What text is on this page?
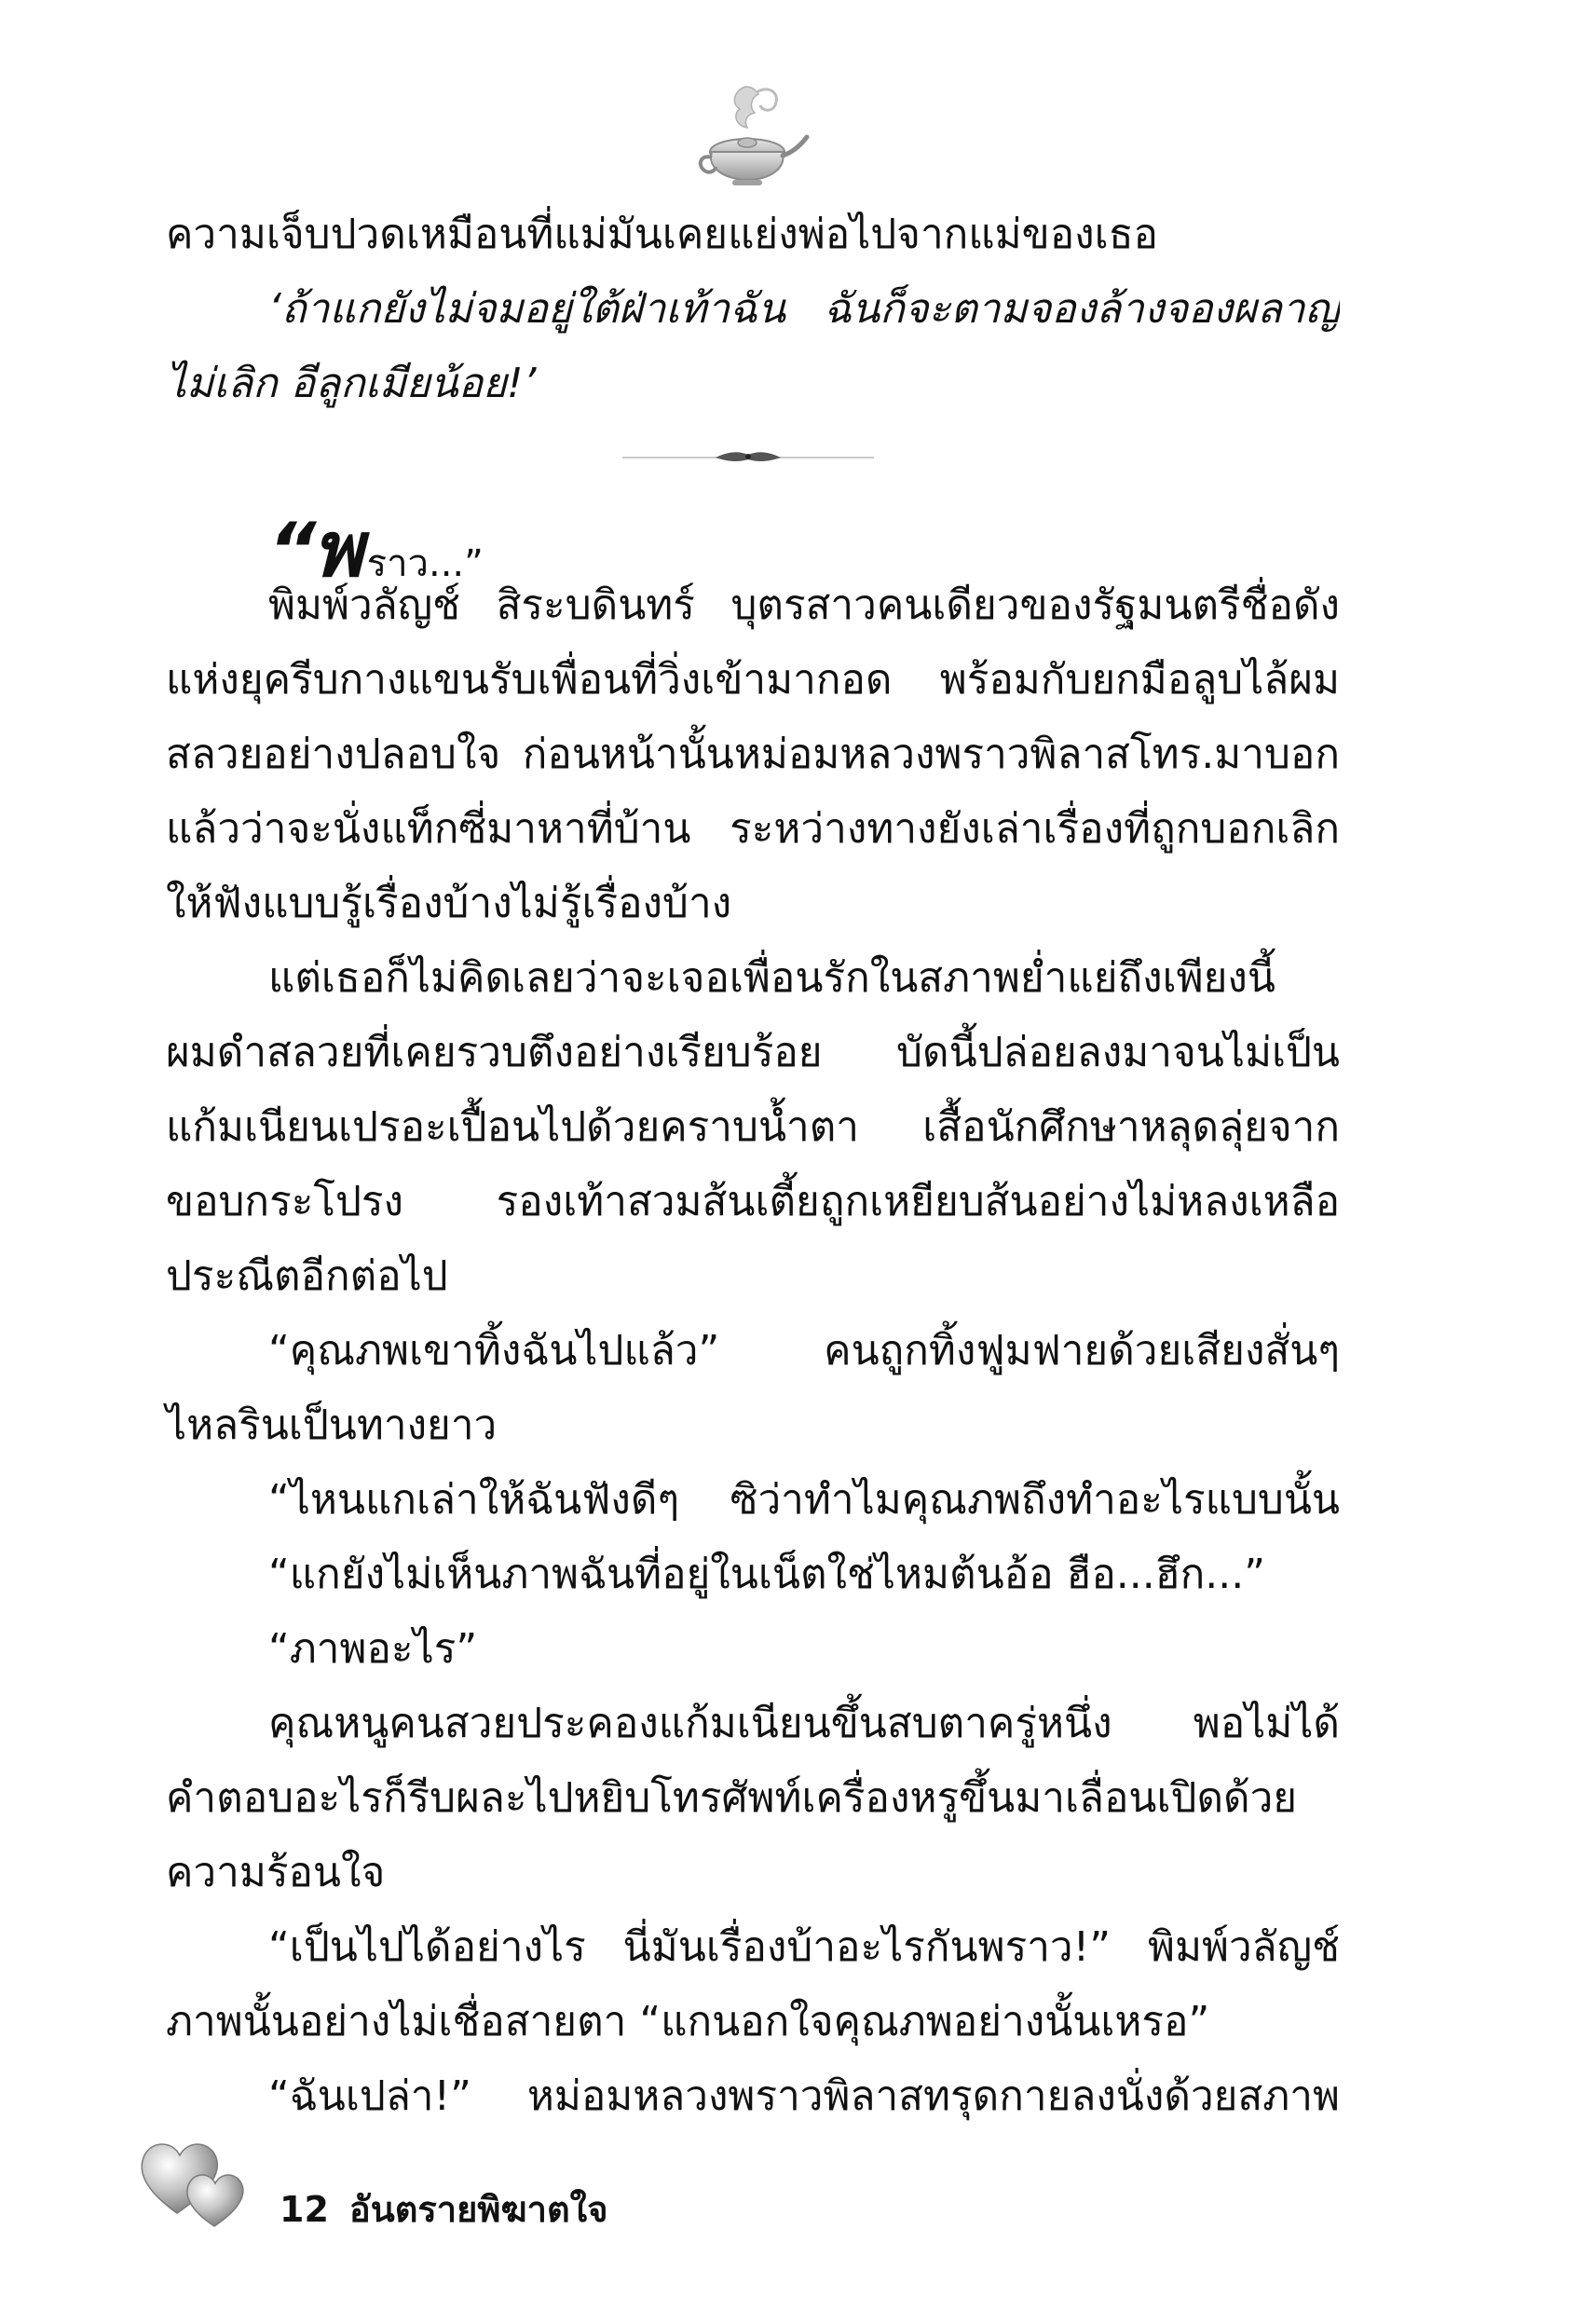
ความเจ็บปวดเหมือนที่แม่มันเคยแย่งพ่อไปจากแม่ของเธอ
‘ถ้าแกยังไม่จมอยู่ใต้ฝ่าเท้าฉัน ฉันก็จะตามจองล้างจองผลาญ
ไม่เลิก อีลูกเมียน้อย!’
“พ ราว...”
พิมพ์วลัญช์ สิระบดินทร์ บุตรสาวคนเดียวของรัฐมนตรีชื่อดัง
แห่งยุครีบกางแขนรับเพื่อนที่วิ่งเข้ามากอด พร้อมกับยกมือลูบไล้ผม
สลวยอย่างปลอบใจ ก่อนหน้านั้นหม่อมหลวงพราวพิลาสโทร.มาบอก
แล้วว่าจะนั่งแท็กซี่มาหาที่บ้าน ระหว่างทางยังเล่าเรื่องที่ถูกบอกเลิก
ให้ฟังแบบรู้เรื่องบ้างไม่รู้เรื่องบ้าง
แต่เธอก็ไม่คิดเลยว่าจะเจอเพื่อนรักในสภาพย่ำแย่ถึงเพียงนี้
ผมดำสลวยที่เคยรวบตึงอย่างเรียบร้อย บัดนี้ปล่อยลงมาจนไม่เป็น
แก้มเนียนเปรอะเปื้อนไปด้วยคราบน้ำตา เสื้อนักศึกษาหลุดลุ่ยจาก
ขอบกระโปรง รองเท้าสวมส้นเตี้ยถูกเหยียบส้นอย่างไม่หลงเหลือ
ประณีตอีกต่อไป
“คุณภพเขาทิ้งฉันไปแล้ว” คนถูกทิ้งฟูมฟายด้วยเสียงสั่นๆ
ไหลรินเป็นทางยาว
“ไหนแกเล่าให้ฉันฟังดีๆ ซิว่าทำไมคุณภพถึงทำอะไรแบบนั้น
“แกยังไม่เห็นภาพฉันที่อยู่ในเน็ตใช่ไหมต้นอ้อ ฮือ...ฮึก...”
“ภาพอะไร”
คุณหนูคนสวยประคองแก้มเนียนขึ้นสบตาครู่หนึ่ง พอไม่ได้
คำตอบอะไรก็รีบผละไปหยิบโทรศัพท์เครื่องหรูขึ้นมาเลื่อนเปิดด้วย
ความร้อนใจ
“เป็นไปได้อย่างไร นี่มันเรื่องบ้าอะไรกันพราว!” พิมพ์วลัญช์
ภาพนั้นอย่างไม่เชื่อสายตา “แกนอกใจคุณภพอย่างนั้นเหรอ”
“ฉันเปล่า!” หม่อมหลวงพราวพิลาสทรุดกายลงนั่งด้วยสภาพ
12 อันตรายพิฆาตใจ
